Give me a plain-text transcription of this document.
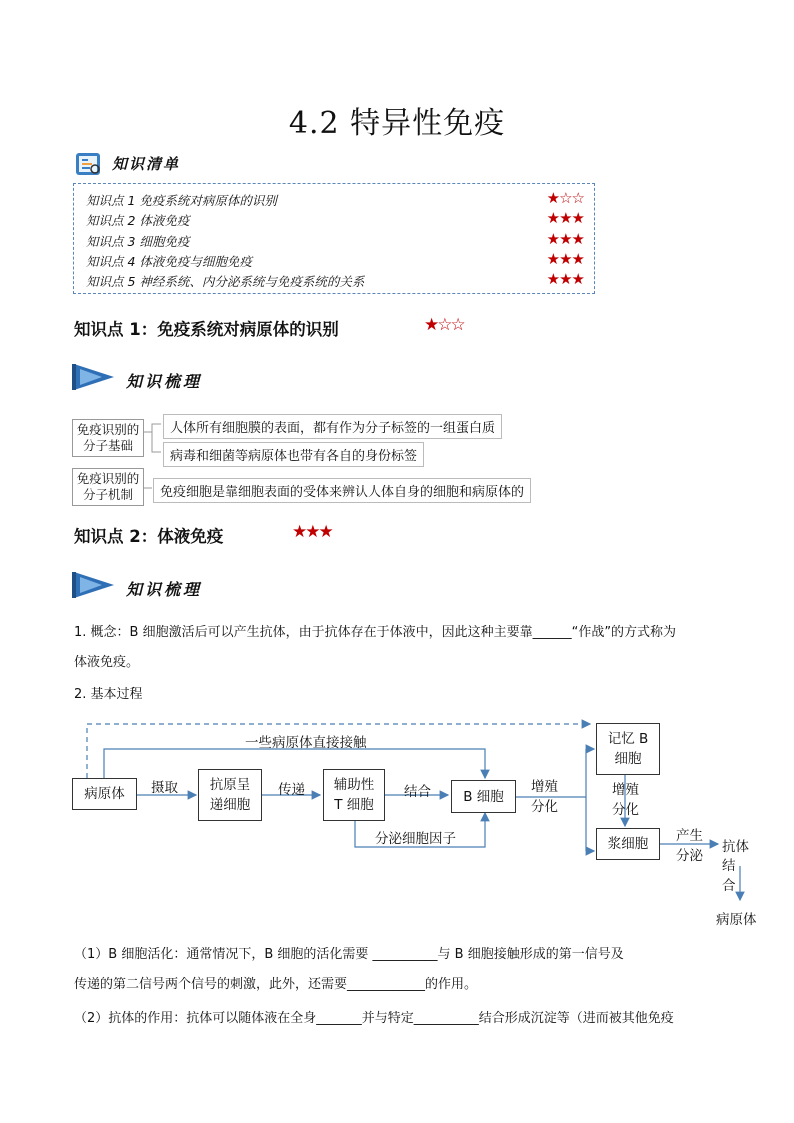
4.2 特异性免疫
知识清单
知识点 1 免疫系统对病原体的识别	★☆☆
知识点 2 体液免疫	★★★
知识点 3 细胞免疫	★★★
知识点 4 体液免疫与细胞免疫	★★★
知识点 5 神经系统、内分泌系统与免疫系统的关系	★★★
知识点 1：免疫系统对病原体的识别	★☆☆
知识梳理
免疫识别的分子基础
人体所有细胞膜的表面，都有作为分子标签的一组蛋白质
病毒和细菌等病原体也带有各自的身份标签
免疫识别的分子机制	免疫细胞是靠细胞表面的受体来辨认人体自身的细胞和病原体的
知识点 2：体液免疫	★★★
知识梳理
1. 概念：B 细胞激活后可以产生抗体，由于抗体存在于体液中，因此这种主要靠______“作战”的方式称为
体液免疫。
2. 基本过程
病原体
抗原呈递细胞
辅助性T 细胞
B 细胞
记忆 B细胞
浆细胞
一些病原体直接接触
摄取	传递	结合
分泌细胞因子
增殖分化
增殖分化
产生分泌
抗体
结合
病原体
（1）B 细胞活化：通常情况下，B 细胞的活化需要 __________与 B 细胞接触形成的第一信号及
传递的第二信号两个信号的刺激，此外，还需要____________的作用。
（2）抗体的作用：抗体可以随体液在全身_______并与特定__________结合形成沉淀等（进而被其他免疫
